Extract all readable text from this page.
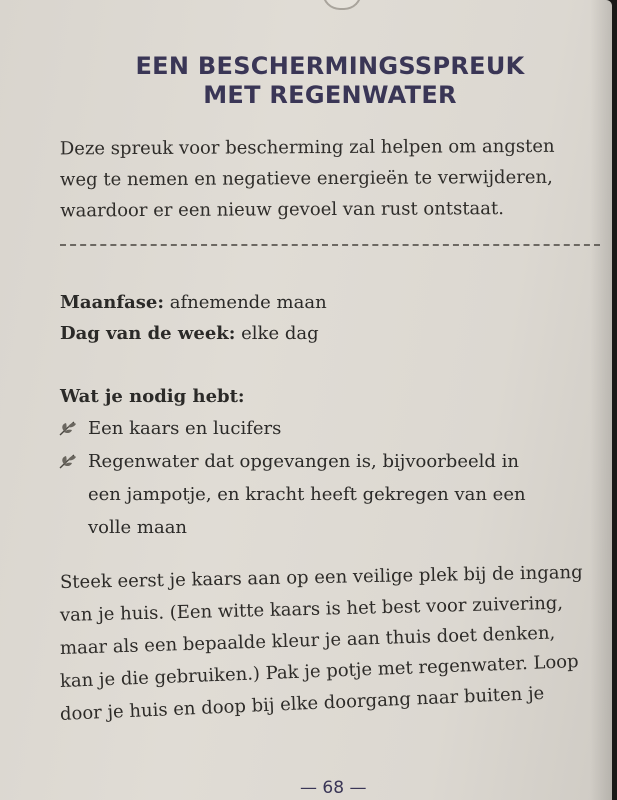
EEN BESCHERMINGSSPREUK
MET REGENWATER
Deze spreuk voor bescherming zal helpen om angsten
weg te nemen en negatieve energieën te verwijderen,
waardoor er een nieuw gevoel van rust ontstaat.
Maanfase: afnemende maan
Dag van de week: elke dag
Wat je nodig hebt:
Een kaars en lucifers
Regenwater dat opgevangen is, bijvoorbeeld in
een jampotje, en kracht heeft gekregen van een
volle maan
Steek eerst je kaars aan op een veilige plek bij de ingang
van je huis. (Een witte kaars is het best voor zuivering,
maar als een bepaalde kleur je aan thuis doet denken,
kan je die gebruiken.) Pak je potje met regenwater. Loop
door je huis en doop bij elke doorgang naar buiten je
— 68 —
